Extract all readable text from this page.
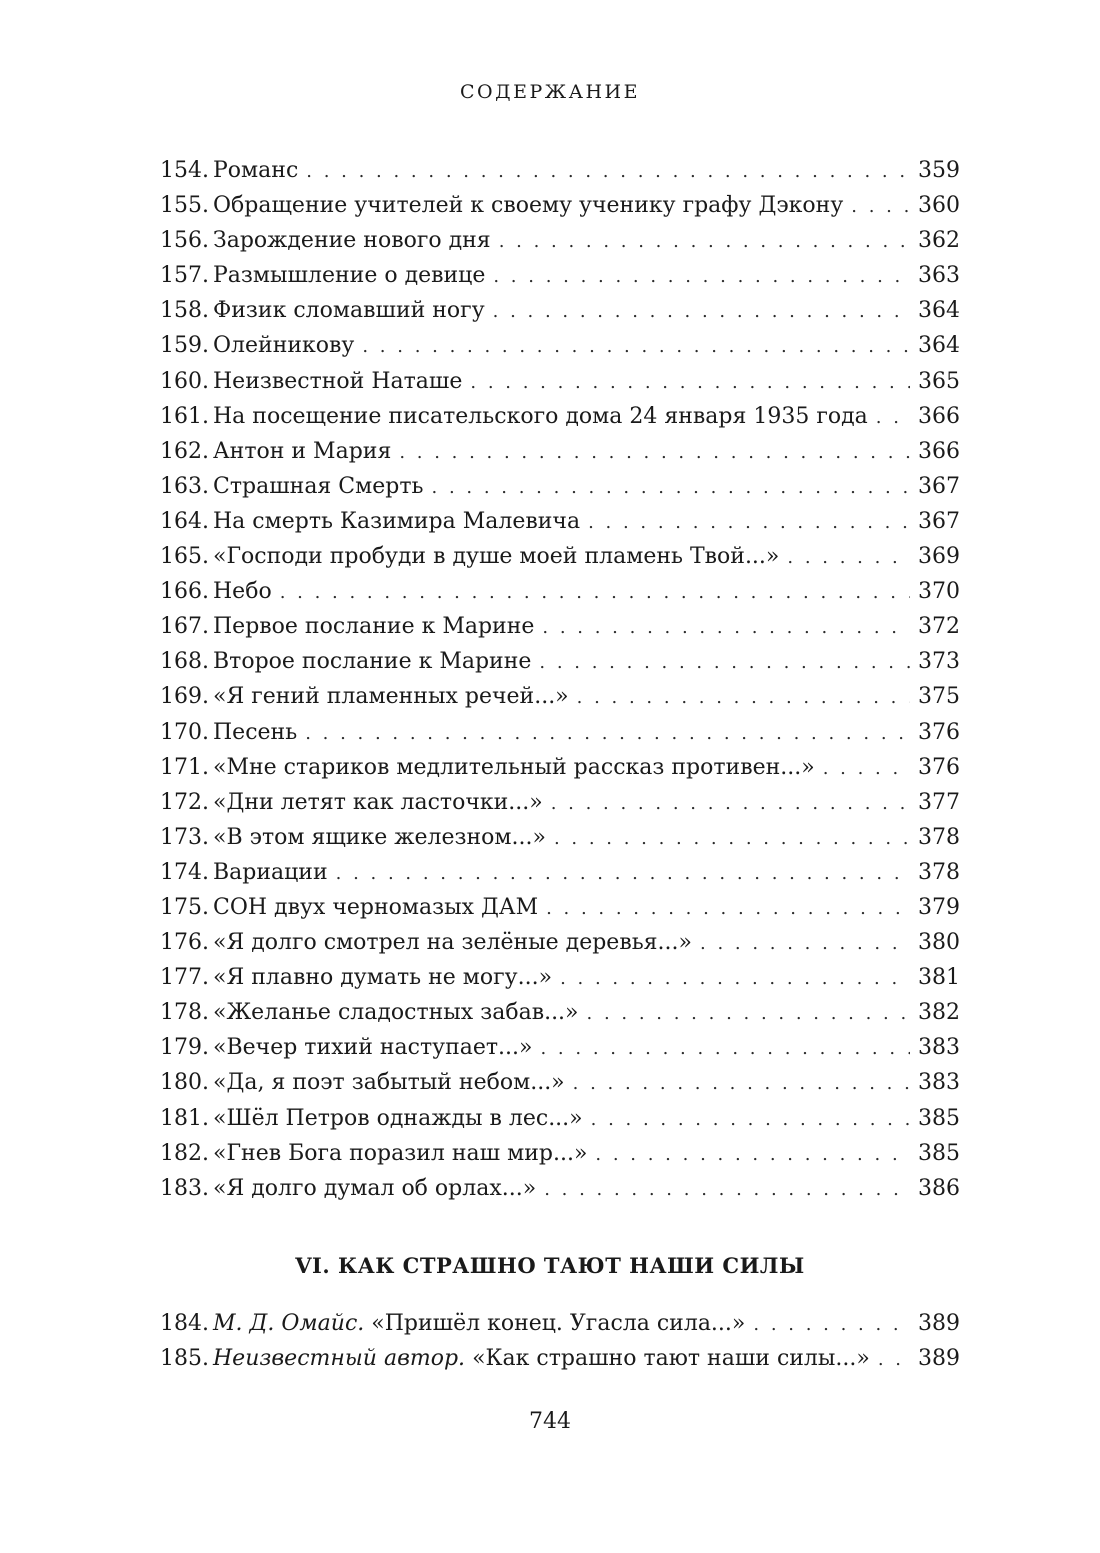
СОДЕРЖАНИЕ
154. Романс . . .	359
155. Обращение учителей к своему ученику графу Дэкону . . .	360
156. Зарождение нового дня . . .	362
157. Размышление о девице . . .	363
158. Физик сломавший ногу . . .	364
159. Олейникову . . .	364
160. Неизвестной Наташе . . .	365
161. На посещение писательского дома 24 января 1935 года . . . 366
162. Антон и Мария . . .	366
163. Страшная Смерть . . .	367
164. На смерть Казимира Малевича . . .	367
165. «Господи пробуди в душе моей пламень Твой...» . . .	369
166. Небо . . .	370
167. Первое послание к Марине . . .	372
168. Второе послание к Марине . . .	373
169. «Я гений пламенных речей...» . . .	375
170. Песень . . .	376
171. «Мне стариков медлительный рассказ противен...» . . .	376
172. «Дни летят как ласточки...» . . .	377
173. «В этом ящике железном...» . . .	378
174. Вариации . . .	378
175. СОН двух черномазых ДАМ . . .	379
176. «Я долго смотрел на зелёные деревья...» . . .	380
177. «Я плавно думать не могу...» . . .	381
178. «Желанье сладостных забав...» . . .	382
179. «Вечер тихий наступает...» . . .	383
180. «Да, я поэт забытый небом...» . . .	383
181. «Шёл Петров однажды в лес...» . . .	385
182. «Гнев Бога поразил наш мир...» . . .	385
183. «Я долго думал об орлах...» . . .	386
VI. КАК СТРАШНО ТАЮТ НАШИ СИЛЫ
184. М. Д. Омайс. «Пришёл конец. Угасла сила...» . . .	389
185. Неизвестный автор. «Как страшно тают наши силы...» . . . 389
744
